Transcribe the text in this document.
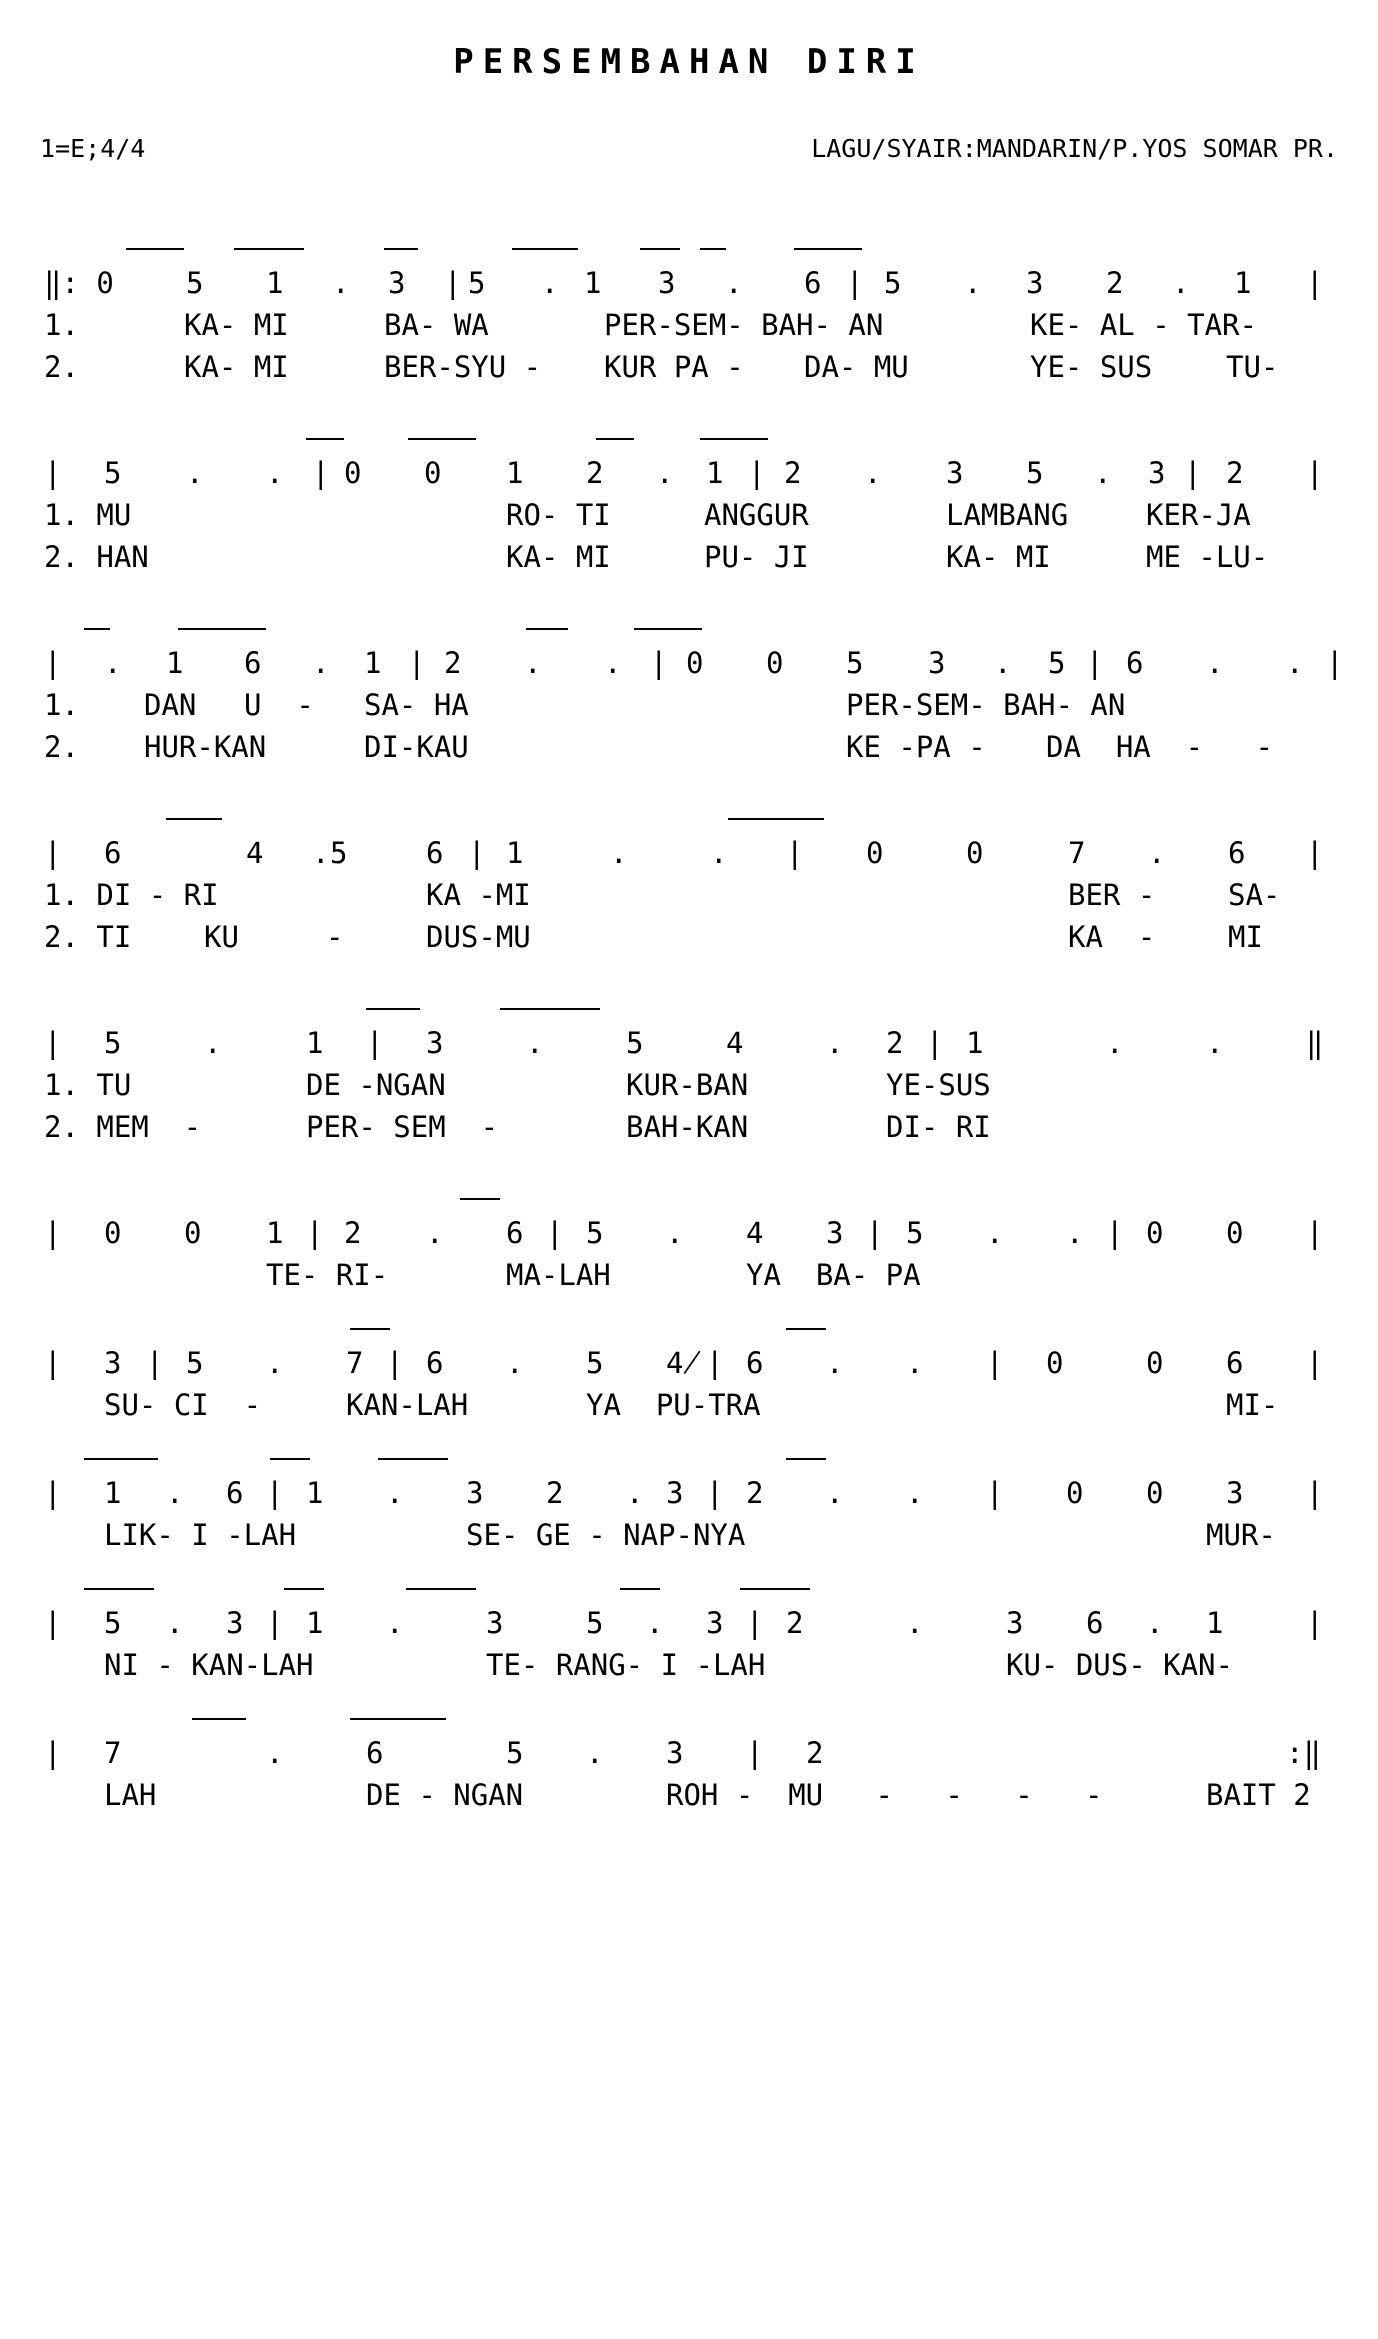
PERSEMBAHAN DIRI
1=E;4/4	LAGU/SYAIR:MANDARIN/P.YOS SOMAR PR.
‖: 0 5 1 . 3 | 5 . 1 3 . 6 | 5 . 3 2 . 1 |
1.	KA- MI	BA- WA	PER-SEM- BAH- AN	KE- AL - TAR-
2.	KA- MI	BER-SYU - KUR PA - DA- MU	YE- SUS	TU-
| 5 . . | 0 0 1 2 . 1 | 2 . 3 5 . 3 | 2 |
1. MU	RO- TI	ANGGUR	LAMBANG	KER-JA
2. HAN	KA- MI	PU- JI	KA- MI	ME -LU-
| . 1 6 . 1 | 2 . . | 0 0 5 3 . 5 | 6 . . |
1. DAN U  - SA- HA	PER-SEM- BAH- AN
2. HUR-KAN	DI-KAU	KE -PA - DA  HA  -   -
| 6	4 . 5	6 | 1	.	. | 0	0	7 . 6 |
1. DI - RI	KA -MI	BER -	SA-
2. TI	KU	-	DUS-MU	KA  -	MI
| 5	.	1 | 3	.	5	4	. 2 | 1	.	.	‖
1. TU	DE -NGAN	KUR-BAN	YE-SUS
2. MEM  -	PER- SEM  -	BAH-KAN	DI- RI
| 0 0 1 | 2 . 6 | 5 . 4 3 | 5 . . | 0 0 |
TE- RI-	MA-LAH	YA  BA- PA
| 3 | 5 . 7 | 6 . 5 4̸ | 6 . . | 0	0 6 |
SU- CI  -	KAN-LAH	YA  PU-TRA	MI-
| 1 . 6 | 1 . 3 2 . 3 | 2 . . | 0 0 3 |
LIK- I -LAH	SE- GE - NAP-NYA	MUR-
| 5 . 3 | 1 .	3	5 . 3 | 2	.	3 6 . 1	|
NI - KAN-LAH	TE- RANG- I -LAH	KU- DUS- KAN-
| 7	.	6	5 . 3 | 2	:‖
LAH	DE - NGAN	ROH -  MU   -   -   -   -	BAIT 2
